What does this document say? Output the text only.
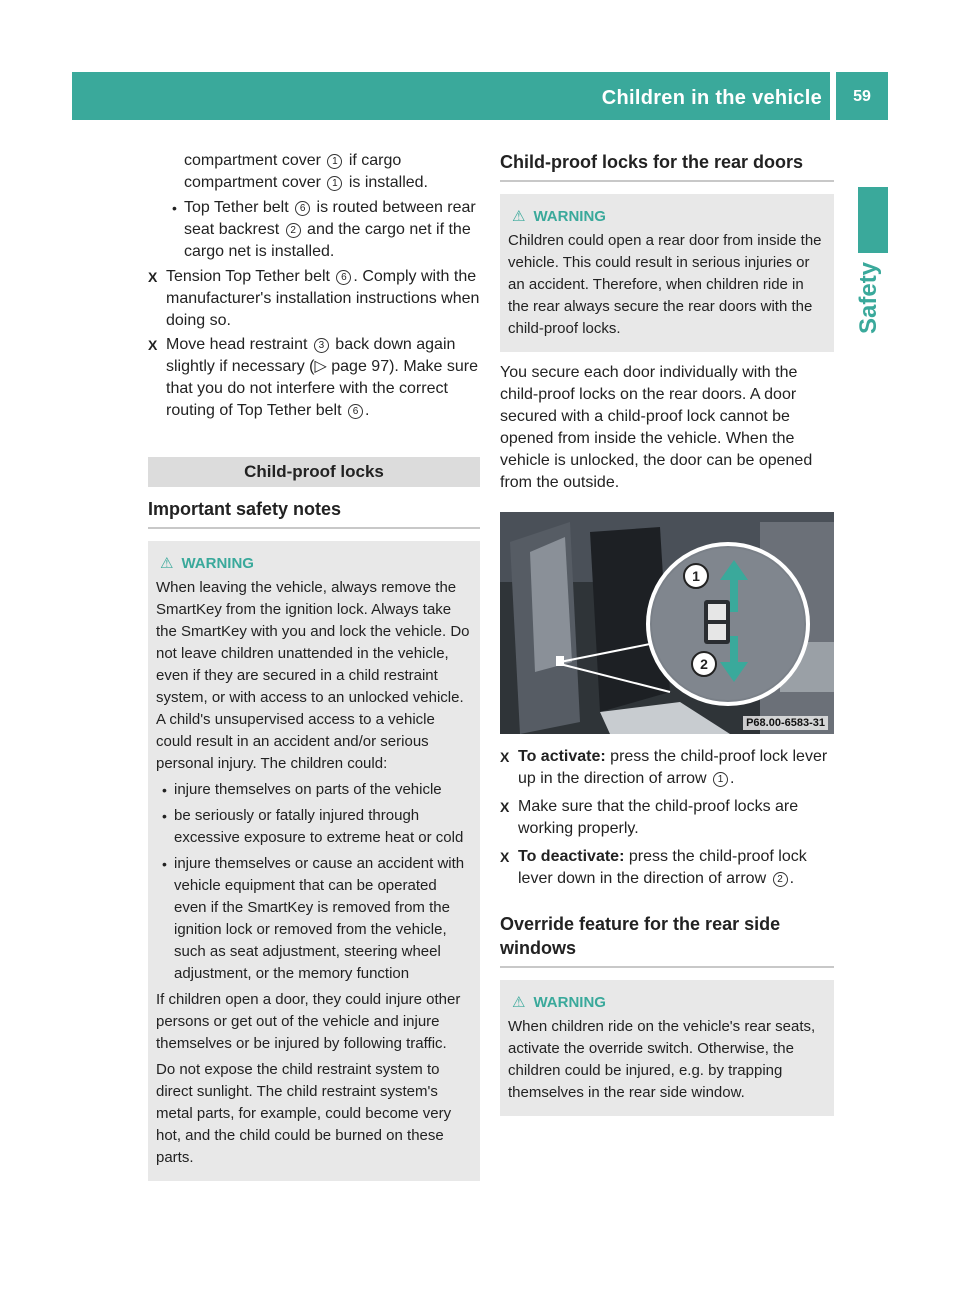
Children in the vehicle	59
Safety

compartment cover 1 if cargo compartment cover 1 is installed.

• Top Tether belt 6 is routed between rear seat backrest 2 and the cargo net if the cargo net is installed.
X Tension Top Tether belt 6 . Comply with the manufacturer's installation instructions when doing so.
X Move head restraint 3 back down again slightly if necessary (▷ page 97). Make sure that you do not interfere with the correct routing of Top Tether belt 6 .
Child-proof locks
Important safety notes
⚠ WARNING

When leaving the vehicle, always remove the SmartKey from the ignition lock. Always take the SmartKey with you and lock the vehicle. Do not leave children unattended in the vehicle, even if they are secured in a child restraint system, or with access to an unlocked vehicle. A child's unsupervised access to a vehicle could result in an accident and/or serious personal injury. The children could:

• injure themselves on parts of the vehicle
• be seriously or fatally injured through excessive exposure to extreme heat or cold
• injure themselves or cause an accident with vehicle equipment that can be operated even if the SmartKey is removed from the ignition lock or removed from the vehicle, such as seat adjustment, steering wheel adjustment, or the memory function

If children open a door, they could injure other persons or get out of the vehicle and injure themselves or be injured by following traffic.

Do not expose the child restraint system to direct sunlight. The child restraint system's metal parts, for example, could become very hot, and the child could be burned on these parts.

Child-proof locks for the rear doors
⚠ WARNING

Children could open a rear door from inside the vehicle. This could result in serious injuries or an accident. Therefore, when children ride in the rear always secure the rear doors with the child-proof locks.

You secure each door individually with the child-proof locks on the rear doors. A door secured with a child-proof lock cannot be opened from inside the vehicle. When the vehicle is unlocked, the door can be opened from the outside.

1
2
P68.00-6583-31
X To activate: press the child-proof lock lever up in the direction of arrow 1 .
X Make sure that the child-proof locks are working properly.
X To deactivate: press the child-proof lock lever down in the direction of arrow 2 .
Override feature for the rear side windows
⚠ WARNING

When children ride on the vehicle's rear seats, activate the override switch. Otherwise, the children could be injured, e.g. by trapping themselves in the rear side window.
